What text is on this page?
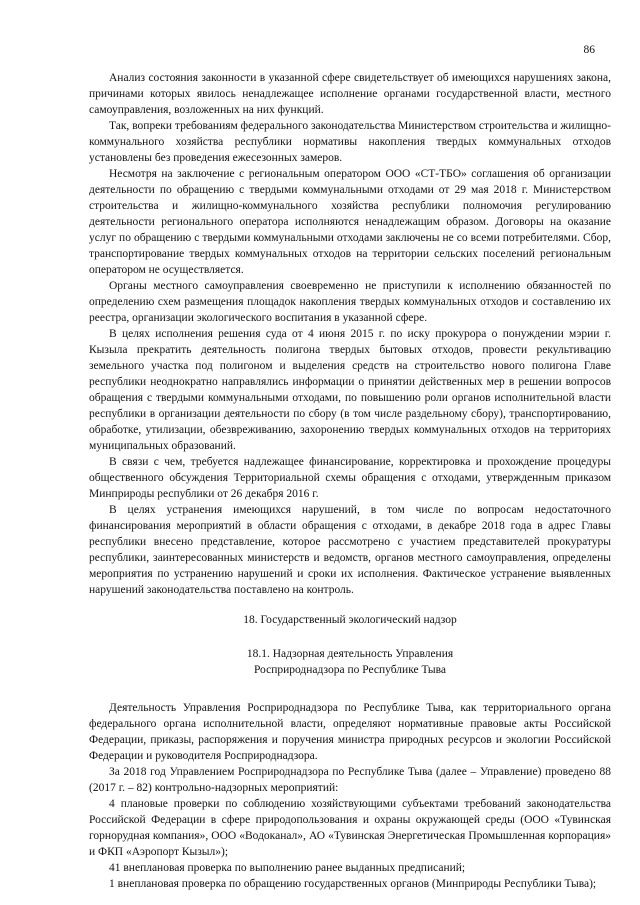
86

Анализ состояния законности в указанной сфере свидетельствует об имеющихся нарушениях закона, причинами которых явилось ненадлежащее исполнение органами государственной власти, местного самоуправления, возложенных на них функций.

Так, вопреки требованиям федерального законодательства Министерством строительства и жилищно-коммунального хозяйства республики нормативы накопления твердых коммунальных отходов установлены без проведения ежесезонных замеров.

Несмотря на заключение с региональным оператором ООО «СТ-ТБО» соглашения об организации деятельности по обращению с твердыми коммунальными отходами от 29 мая 2018 г. Министерством строительства и жилищно-коммунального хозяйства республики полномочия регулированию деятельности регионального оператора исполняются ненадлежащим образом. Договоры на оказание услуг по обращению с твердыми коммунальными отходами заключены не со всеми потребителями. Сбор, транспортирование твердых коммунальных отходов на территории сельских поселений региональным оператором не осуществляется.

Органы местного самоуправления своевременно не приступили к исполнению обязанностей по определению схем размещения площадок накопления твердых коммунальных отходов и составлению их реестра, организации экологического воспитания в указанной сфере.

В целях исполнения решения суда от 4 июня 2015 г. по иску прокурора о понуждении мэрии г. Кызыла прекратить деятельность полигона твердых бытовых отходов, провести рекультивацию земельного участка под полигоном и выделения средств на строительство нового полигона Главе республики неоднократно направлялись информации о принятии действенных мер в решении вопросов обращения с твердыми коммунальными отходами, по повышению роли органов исполнительной власти республики в организации деятельности по сбору (в том числе раздельному сбору), транспортированию, обработке, утилизации, обезвреживанию, захоронению твердых коммунальных отходов на территориях муниципальных образований.

В связи с чем, требуется надлежащее финансирование, корректировка и прохождение процедуры общественного обсуждения Территориальной схемы обращения с отходами, утвержденным приказом Минприроды республики от 26 декабря 2016 г.

В целях устранения имеющихся нарушений, в том числе по вопросам недостаточного финансирования мероприятий в области обращения с отходами, в декабре 2018 года в адрес Главы республики внесено представление, которое рассмотрено с участием представителей прокуратуры республики, заинтересованных министерств и ведомств, органов местного самоуправления, определены мероприятия по устранению нарушений и сроки их исполнения. Фактическое устранение выявленных нарушений законодательства поставлено на контроль.

18. Государственный экологический надзор

18.1. Надзорная деятельность Управления

Росприроднадзора по Республике Тыва

Деятельность Управления Росприроднадзора по Республике Тыва, как территориального органа федерального органа исполнительной власти, определяют нормативные правовые акты Российской Федерации, приказы, распоряжения и поручения министра природных ресурсов и экологии Российской Федерации и руководителя Росприроднадзора.

За 2018 год Управлением Росприроднадзора по Республике Тыва (далее – Управление) проведено 88 (2017 г. – 82) контрольно-надзорных мероприятий:

4 плановые проверки по соблюдению хозяйствующими субъектами требований законодательства Российской Федерации в сфере природопользования и охраны окружающей среды (ООО «Тувинская горнорудная компания», ООО «Водоканал», АО «Тувинская Энергетическая Промышленная корпорация» и ФКП «Аэропорт Кызыл»);

41 внеплановая проверка по выполнению ранее выданных предписаний;

1 внеплановая проверка по обращению государственных органов (Минприроды Республики Тыва);
